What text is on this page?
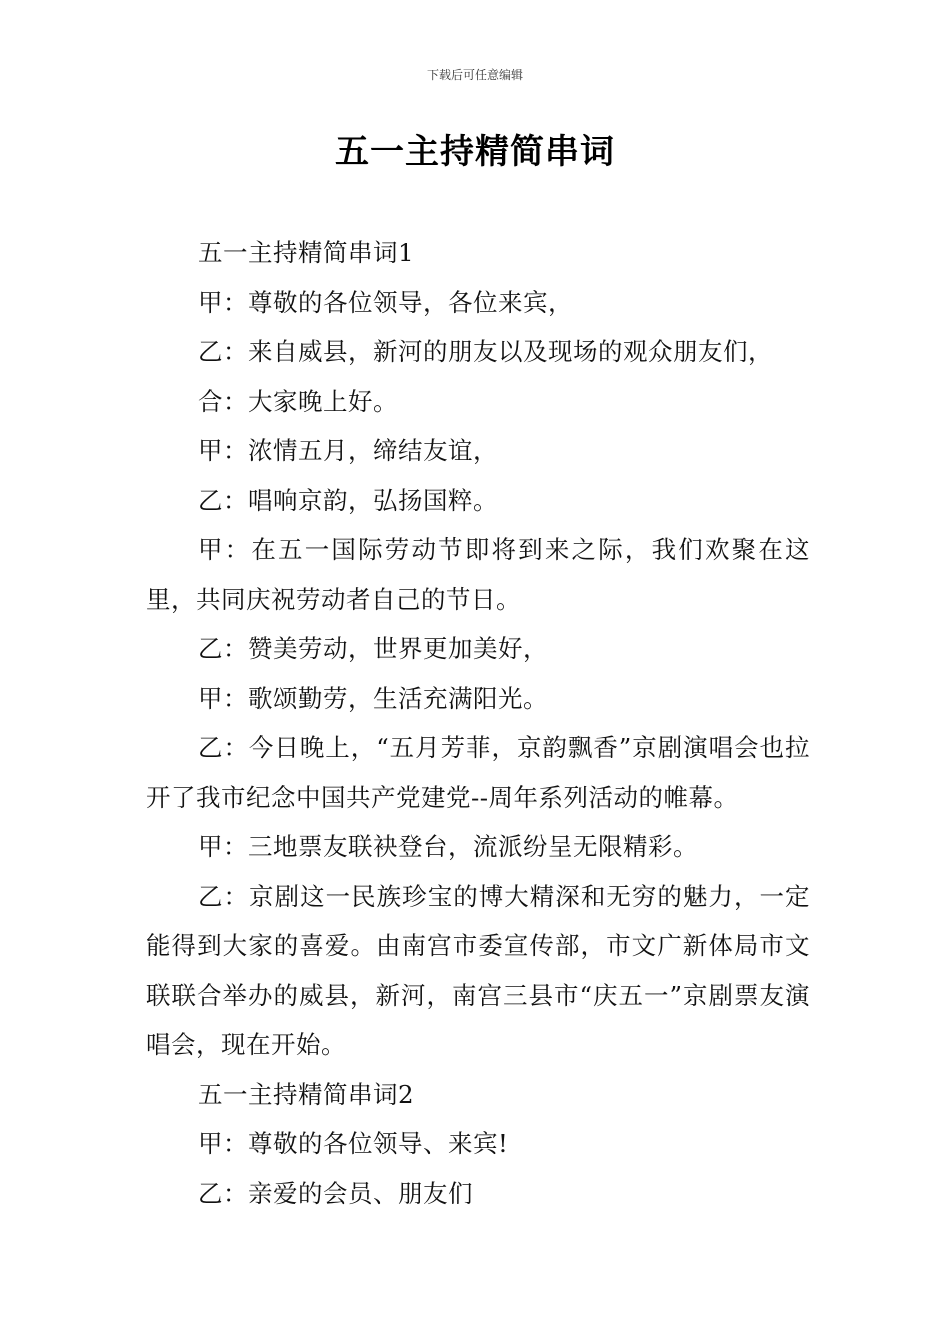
下载后可任意编辑
五一主持精简串词

五一主持精简串词1

甲：尊敬的各位领导，各位来宾，

乙：来自威县，新河的朋友以及现场的观众朋友们，

合：大家晚上好。

甲：浓情五月，缔结友谊，

乙：唱响京韵，弘扬国粹。

甲：在五一国际劳动节即将到来之际，我们欢聚在这里，共同庆祝劳动者自己的节日。

乙：赞美劳动，世界更加美好，

甲：歌颂勤劳，生活充满阳光。

乙：今日晚上，“五月芳菲，京韵飘香”京剧演唱会也拉开了我市纪念中国共产党建党--周年系列活动的帷幕。

甲：三地票友联袂登台，流派纷呈无限精彩。

乙：京剧这一民族珍宝的博大精深和无穷的魅力，一定能得到大家的喜爱。由南宫市委宣传部，市文广新体局市文联联合举办的威县，新河，南宫三县市“庆五一”京剧票友演唱会，现在开始。

五一主持精简串词2

甲：尊敬的各位领导、来宾!

乙：亲爱的会员、朋友们
